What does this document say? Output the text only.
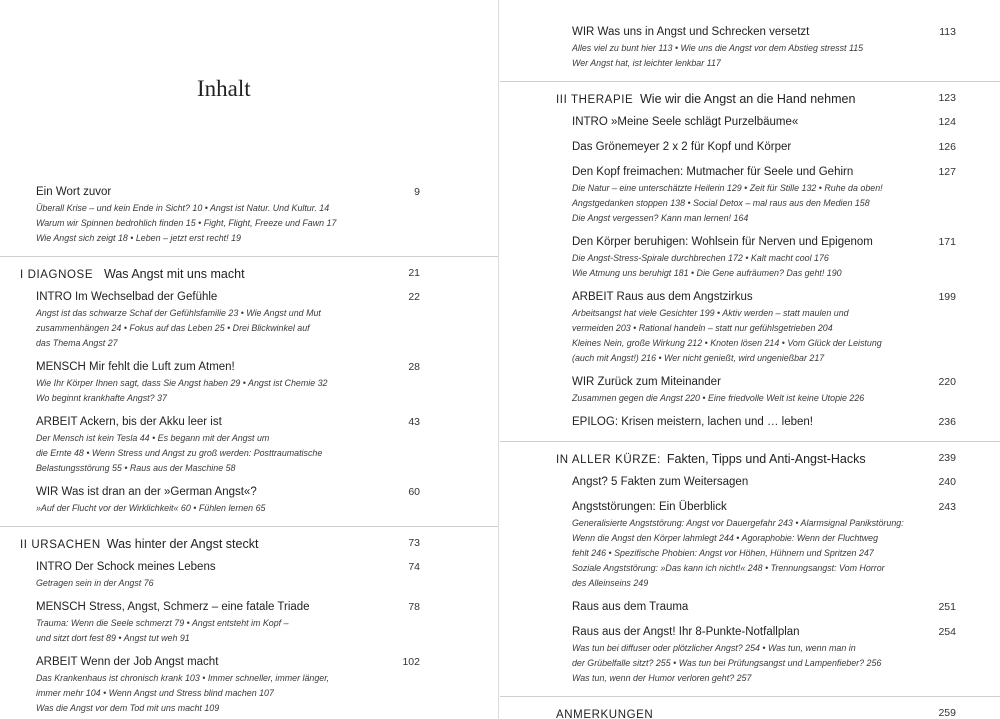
Inhalt
Ein Wort zuvor	9
Überall Krise – und kein Ende in Sicht? 10 • Angst ist Natur. Und Kultur. 14
Warum wir Spinnen bedrohlich finden 15 • Fight, Flight, Freeze und Fawn 17
Wie Angst sich zeigt 18 • Leben – jetzt erst recht! 19
I DIAGNOSE Was Angst mit uns macht	21
INTRO Im Wechselbad der Gefühle	22
Angst ist das schwarze Schaf der Gefühlsfamilie 23 • Wie Angst und Mut
zusammenhängen 24 • Fokus auf das Leben 25 • Drei Blickwinkel auf
das Thema Angst 27
MENSCH Mir fehlt die Luft zum Atmen!	28
Wie Ihr Körper Ihnen sagt, dass Sie Angst haben 29 • Angst ist Chemie 32
Wo beginnt krankhafte Angst? 37
ARBEIT Ackern, bis der Akku leer ist	43
Der Mensch ist kein Tesla 44 • Es begann mit der Angst um
die Ernte 48 • Wenn Stress und Angst zu groß werden: Posttraumatische
Belastungsstörung 55 • Raus aus der Maschine 58
WIR Was ist dran an der »German Angst«?	60
»Auf der Flucht vor der Wirklichkeit« 60 • Fühlen lernen 65
II URSACHEN Was hinter der Angst steckt	73
INTRO Der Schock meines Lebens	74
Getragen sein in der Angst 76
MENSCH Stress, Angst, Schmerz – eine fatale Triade	78
Trauma: Wenn die Seele schmerzt 79 • Angst entsteht im Kopf –
und sitzt dort fest 89 • Angst tut weh 91
ARBEIT Wenn der Job Angst macht	102
Das Krankenhaus ist chronisch krank 103 • Immer schneller, immer länger,
immer mehr 104 • Wenn Angst und Stress blind machen 107
Was die Angst vor dem Tod mit uns macht 109
WIR Was uns in Angst und Schrecken versetzt	113
Alles viel zu bunt hier 113 • Wie uns die Angst vor dem Abstieg stresst 115
Wer Angst hat, ist leichter lenkbar 117
III THERAPIE Wie wir die Angst an die Hand nehmen	123
INTRO »Meine Seele schlägt Purzelbäume«	124
Das Grönemeyer 2 x 2 für Kopf und Körper	126
Den Kopf freimachen: Mutmacher für Seele und Gehirn	127
Die Natur – eine unterschätzte Heilerin 129 • Zeit für Stille 132 • Ruhe da oben!
Angstgedanken stoppen 138 • Social Detox – mal raus aus den Medien 158
Die Angst vergessen? Kann man lernen! 164
Den Körper beruhigen: Wohlsein für Nerven und Epigenom	171
Die Angst-Stress-Spirale durchbrechen 172 • Kalt macht cool 176
Wie Atmung uns beruhigt 181 • Die Gene aufräumen? Das geht! 190
ARBEIT Raus aus dem Angstzirkus	199
Arbeitsangst hat viele Gesichter 199 • Aktiv werden – statt maulen und
vermeiden 203 • Rational handeln – statt nur gefühlsgetrieben 204
Kleines Nein, große Wirkung 212 • Knoten lösen 214 • Vom Glück der Leistung
(auch mit Angst!) 216 • Wer nicht genießt, wird ungenießbar 217
WIR Zurück zum Miteinander	220
Zusammen gegen die Angst 220 • Eine friedvolle Welt ist keine Utopie 226
EPILOG: Krisen meistern, lachen und … leben!	236
IN ALLER KÜRZE: Fakten, Tipps und Anti-Angst-Hacks	239
Angst? 5 Fakten zum Weitersagen	240
Angststörungen: Ein Überblick	243
Generalisierte Angststörung: Angst vor Dauergefahr 243 • Alarmsignal Panikstörung:
Wenn die Angst den Körper lahmlegt 244 • Agoraphobie: Wenn der Fluchtweg
fehlt 246 • Spezifische Phobien: Angst vor Höhen, Hühnern und Spritzen 247
Soziale Angststörung: »Das kann ich nicht!« 248 • Trennungsangst: Vom Horror
des Alleinseins 249
Raus aus dem Trauma	251
Raus aus der Angst! Ihr 8-Punkte-Notfallplan	254
Was tun bei diffuser oder plötzlicher Angst? 254 • Was tun, wenn man in
der Grübelfalle sitzt? 255 • Was tun bei Prüfungsangst und Lampenfieber? 256
Was tun, wenn der Humor verloren geht? 257
ANMERKUNGEN	259
